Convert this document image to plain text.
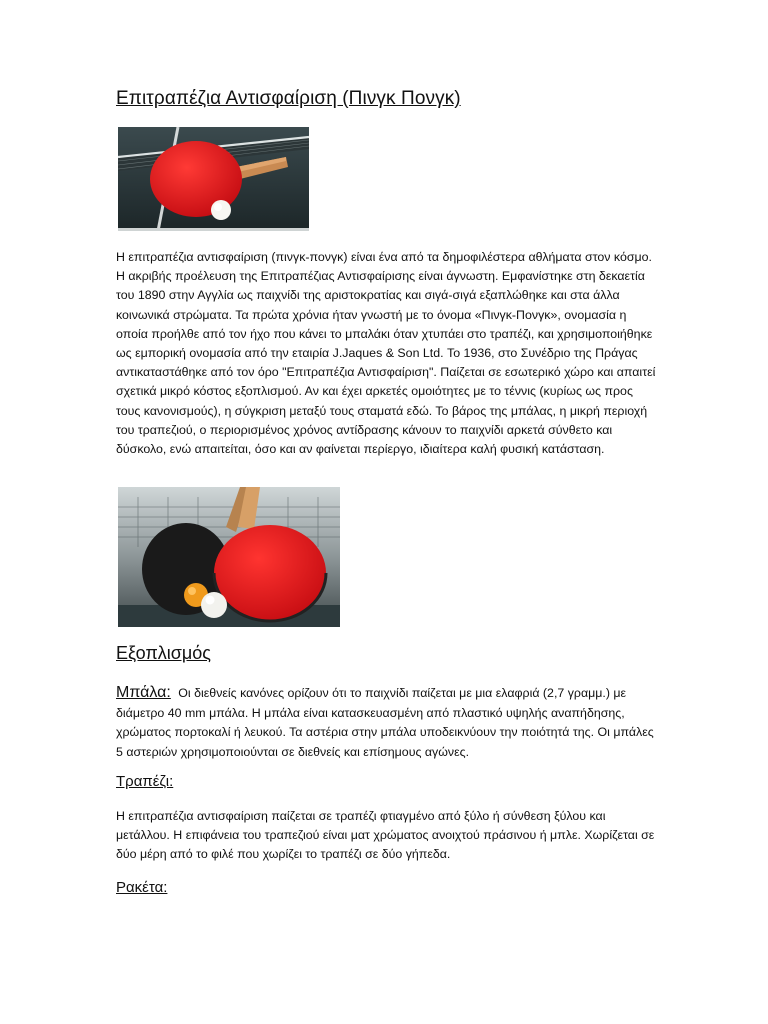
Επιτραπέζια Αντισφαίριση (Πινγκ Πονγκ)

Η επιτραπέζια αντισφαίριση (πινγκ-πονγκ) είναι ένα από τα δημοφιλέστερα αθλήματα στον κόσμο. Η ακριβής προέλευση της Επιτραπέζιας Αντισφαίρισης είναι άγνωστη. Εμφανίστηκε στη δεκαετία του 1890 στην Αγγλία ως παιχνίδι της αριστοκρατίας και σιγά-σιγά εξαπλώθηκε και στα άλλα κοινωνικά στρώματα. Τα πρώτα χρόνια ήταν γνωστή με το όνομα «Πινγκ-Πονγκ», ονομασία η οποία προήλθε από τον ήχο που κάνει το μπαλάκι όταν χτυπάει στο τραπέζι, και χρησιμοποιήθηκε ως εμπορική ονομασία από την εταιρία J.Jaques & Son Ltd. Το 1936, στο Συνέδριο της Πράγας αντικαταστάθηκε από τον όρο "Επιτραπέζια Αντισφαίριση". Παίζεται σε εσωτερικό χώρο και απαιτεί σχετικά μικρό κόστος εξοπλισμού. Αν και έχει αρκετές ομοιότητες με το τέννις (κυρίως ως προς τους κανονισμούς), η σύγκριση μεταξύ τους σταματά εδώ. Το βάρος της μπάλας, η μικρή περιοχή του τραπεζιού, ο περιορισμένος χρόνος αντίδρασης κάνουν το παιχνίδι αρκετά σύνθετο και δύσκολο, ενώ απαιτείται, όσο και αν φαίνεται περίεργο, ιδιαίτερα καλή φυσική κατάσταση.

Εξοπλισμός
Μπάλα: Οι διεθνείς κανόνες ορίζουν ότι το παιχνίδι παίζεται με μια ελαφριά (2,7 γραμμ.) με διάμετρο 40 mm μπάλα. Η μπάλα είναι κατασκευασμένη από πλαστικό υψηλής αναπήδησης, χρώματος πορτοκαλί ή λευκού. Τα αστέρια στην μπάλα υποδεικνύουν την ποιότητά της. Οι μπάλες 5 αστεριών χρησιμοποιούνται σε διεθνείς και επίσημους αγώνες.
Τραπέζι:

Η επιτραπέζια αντισφαίριση παίζεται σε τραπέζι φτιαγμένο από ξύλο ή σύνθεση ξύλου και μετάλλου. Η επιφάνεια του τραπεζιού είναι ματ χρώματος ανοιχτού πράσινου ή μπλε. Χωρίζεται σε δύο μέρη από το φιλέ που χωρίζει το τραπέζι σε δύο γήπεδα.

Ρακέτα:
